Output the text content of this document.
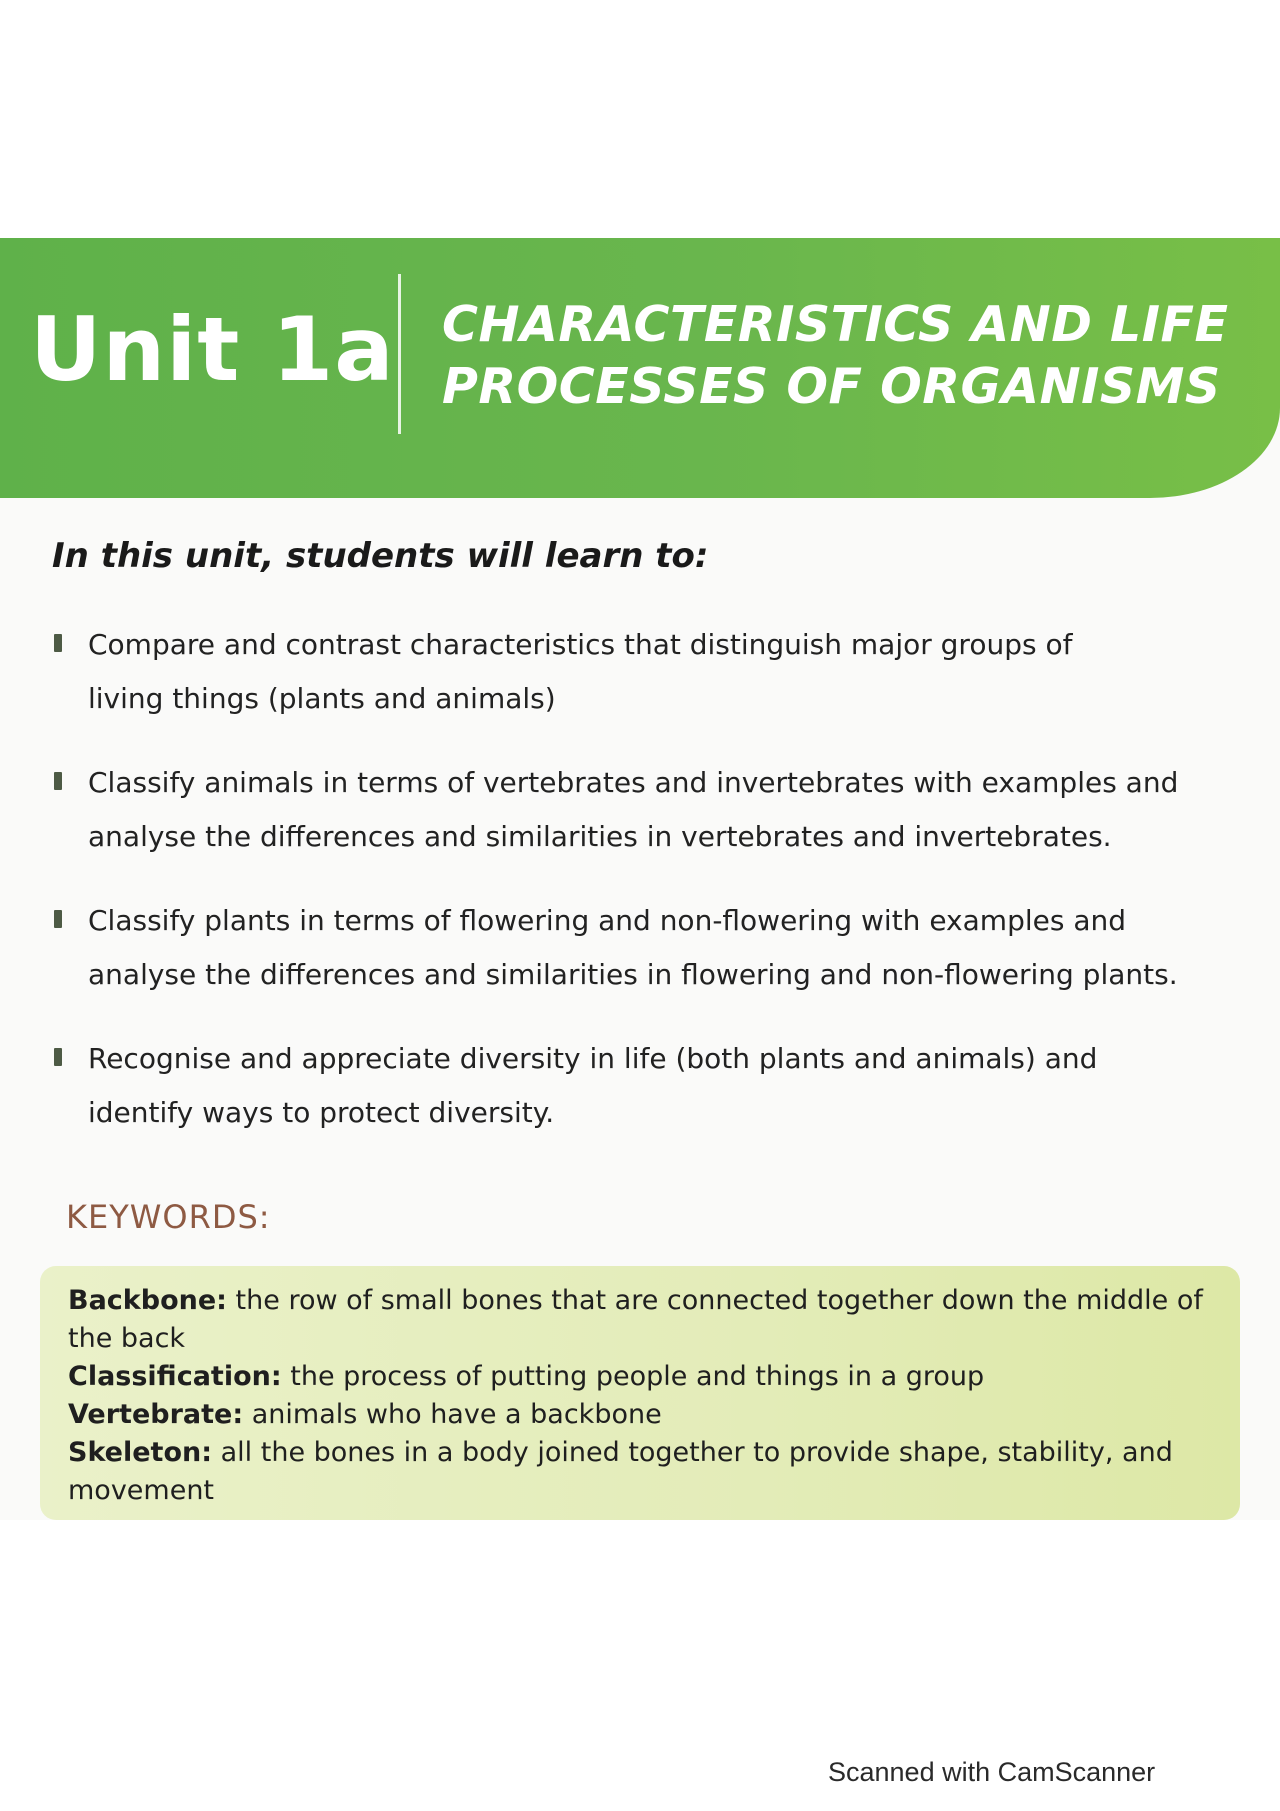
Unit 1a CHARACTERISTICS AND LIFE
PROCESSES OF ORGANISMS
In this unit, students will learn to:
Compare and contrast characteristics that distinguish major groups of
living things (plants and animals)
Classify animals in terms of vertebrates and invertebrates with examples and
analyse the differences and similarities in vertebrates and invertebrates.
Classify plants in terms of flowering and non-flowering with examples and
analyse the differences and similarities in flowering and non-flowering plants.
Recognise and appreciate diversity in life (both plants and animals) and
identify ways to protect diversity.
KEYWORDS:
Backbone: the row of small bones that are connected together down the middle of the back
Classification: the process of putting people and things in a group
Vertebrate: animals who have a backbone
Skeleton: all the bones in a body joined together to provide shape, stability, and movement
Scanned with CamScanner
